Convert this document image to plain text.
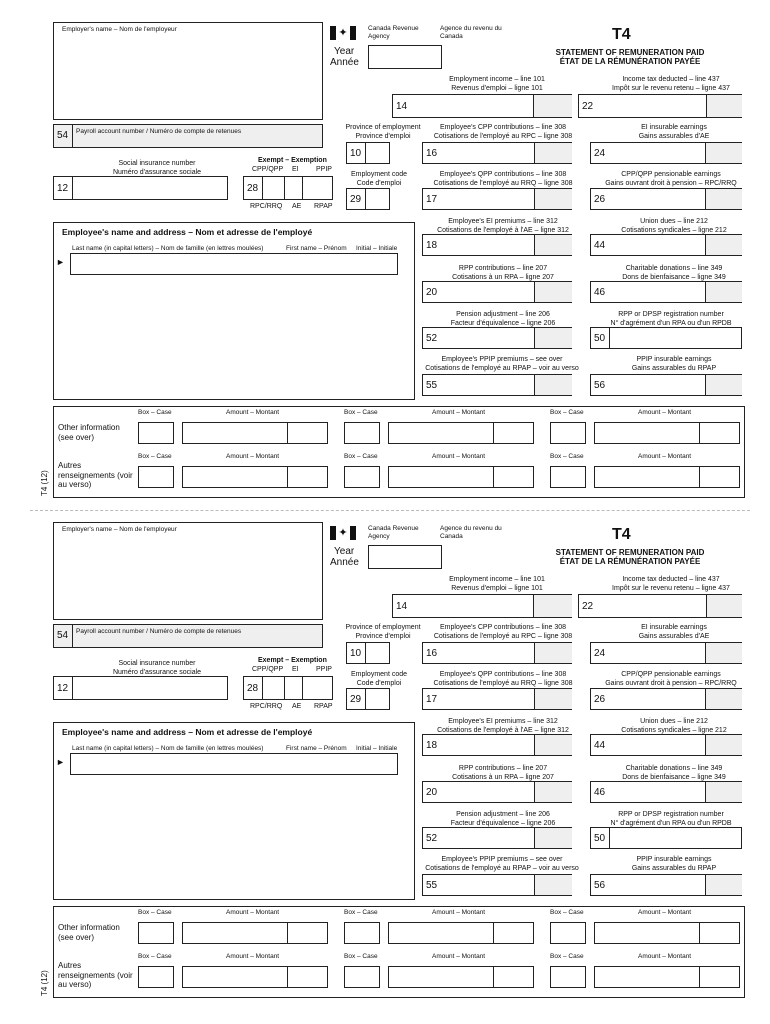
Employer's name – Nom de l'employeur	✦	Canada Revenue Agency
Agence du revenu du Canada
Year
Année
T4
STATEMENT OF REMUNERATION PAID
ÉTAT DE LA RÉMUNÉRATION PAYÉE
Employment income – line 101
Revenus d'emploi – ligne 101
14
Income tax deducted – line 437
Impôt sur le revenu retenu – ligne 437
22
54 Payroll account number / Numéro de compte de retenues
Province of employment
Province d'emploi
10
Employment code
Code d'emploi
29
Employee's CPP contributions – line 308
Cotisations de l'employé au RPC – ligne 308
16
EI insurable earnings
Gains assurables d'AE
24
Social insurance number
Numéro d'assurance sociale
12
Exempt – Exemption
CPP/QPP EI PPIP
28
RPC/RRQ AE RPAP
Employee's QPP contributions – line 308
Cotisations de l'employé au RRQ – ligne 308
17
CPP/QPP pensionable earnings
Gains ouvrant droit à pension – RPC/RRQ
26
Employee's name and address – Nom et adresse de l'employé
Last name (in capital letters) – Nom de famille (en lettres moulées)	First name – Prénom Initial – Initiale
►
Employee's EI premiums – line 312
Cotisations de l'employé à l'AE – ligne 312
18
Union dues – line 212
Cotisations syndicales – ligne 212
44
RPP contributions – line 207
Cotisations à un RPA – ligne 207
20
Charitable donations – line 349
Dons de bienfaisance – ligne 349
46
Pension adjustment – line 206
Facteur d'équivalence – ligne 206
52
RPP or DPSP registration number
N° d'agrément d'un RPA ou d'un RPDB
50
Employee's PPIP premiums – see over
Cotisations de l'employé au RPAP – voir au verso
55
PPIP insurable earnings
Gains assurables du RPAP
56
Other information (see over)
Autres renseignements (voir au verso)
Box – Case	Amount – Montant	Box – Case	Amount – Montant	Box – Case	Amount – Montant
Box – Case	Amount – Montant	Box – Case	Amount – Montant	Box – Case	Amount – Montant
T4 (12)
Employer's name – Nom de l'employeur	✦	Canada Revenue Agency
Agence du revenu du Canada
Year
Année
T4
STATEMENT OF REMUNERATION PAID
ÉTAT DE LA RÉMUNÉRATION PAYÉE
Employment income – line 101
Revenus d'emploi – ligne 101
14
Income tax deducted – line 437
Impôt sur le revenu retenu – ligne 437
22
54 Payroll account number / Numéro de compte de retenues
Province of employment
Province d'emploi
10
Employment code
Code d'emploi
29
Employee's CPP contributions – line 308
Cotisations de l'employé au RPC – ligne 308
16
EI insurable earnings
Gains assurables d'AE
24
Social insurance number
Numéro d'assurance sociale
12
Exempt – Exemption
CPP/QPP EI PPIP
28
RPC/RRQ AE RPAP
Employee's QPP contributions – line 308
Cotisations de l'employé au RRQ – ligne 308
17
CPP/QPP pensionable earnings
Gains ouvrant droit à pension – RPC/RRQ
26
Employee's name and address – Nom et adresse de l'employé
Last name (in capital letters) – Nom de famille (en lettres moulées)	First name – Prénom Initial – Initiale
►
Employee's EI premiums – line 312
Cotisations de l'employé à l'AE – ligne 312
18
Union dues – line 212
Cotisations syndicales – ligne 212
44
RPP contributions – line 207
Cotisations à un RPA – ligne 207
20
Charitable donations – line 349
Dons de bienfaisance – ligne 349
46
Pension adjustment – line 206
Facteur d'équivalence – ligne 206
52
RPP or DPSP registration number
N° d'agrément d'un RPA ou d'un RPDB
50
Employee's PPIP premiums – see over
Cotisations de l'employé au RPAP – voir au verso
55
PPIP insurable earnings
Gains assurables du RPAP
56
Other information (see over)
Autres renseignements (voir au verso)
Box – Case	Amount – Montant	Box – Case	Amount – Montant	Box – Case	Amount – Montant
Box – Case	Amount – Montant	Box – Case	Amount – Montant	Box – Case	Amount – Montant
T4 (12)
